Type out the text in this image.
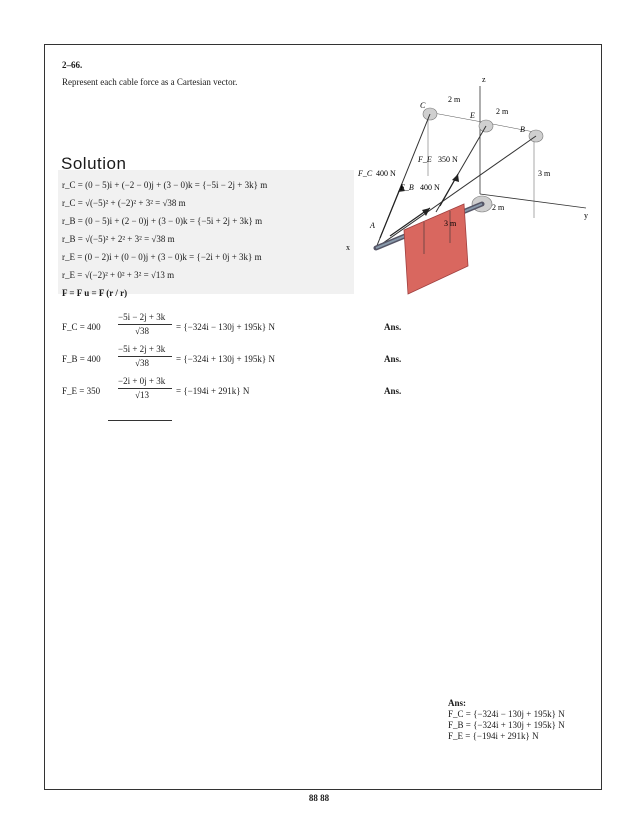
2–66.
Represent each cable force as a Cartesian vector.
Solution
r_C = (0 − 5)i + (−2 − 0)j + (3 − 0)k = {−5i − 2j + 3k} m
r_C = √(−5)² + (−2)² + 3² = √38 m
r_B = (0 − 5)i + (2 − 0)j + (3 − 0)k = {−5i + 2j + 3k} m
r_B = √(−5)² + 2² + 3² = √38 m
r_E = (0 − 2)i + (0 − 0)j + (3 − 0)k = {−2i + 0j + 3k} m
r_E = √(−2)² + 0² + 3² = √13 m
F = F u = F (r / r)
F_C = 400
−5i − 2j + 3k
√38	= {−324i − 130j + 195k} N	Ans.
F_B = 400
−5i + 2j + 3k
√38	= {−324i + 130j + 195k} N	Ans.
F_E = 350
−2i + 0j + 3k
√13	= {−194i + 291k} N	Ans.
z
y
x
C
E
B
A
2 m
2 m
3 m
2 m
3 m
F_C 400 N
F_E 350 N
F_B 400 N
Ans:
F_C = {−324i − 130j + 195k} N
F_B = {−324i + 130j + 195k} N
F_E = {−194i + 291k} N
88 88
